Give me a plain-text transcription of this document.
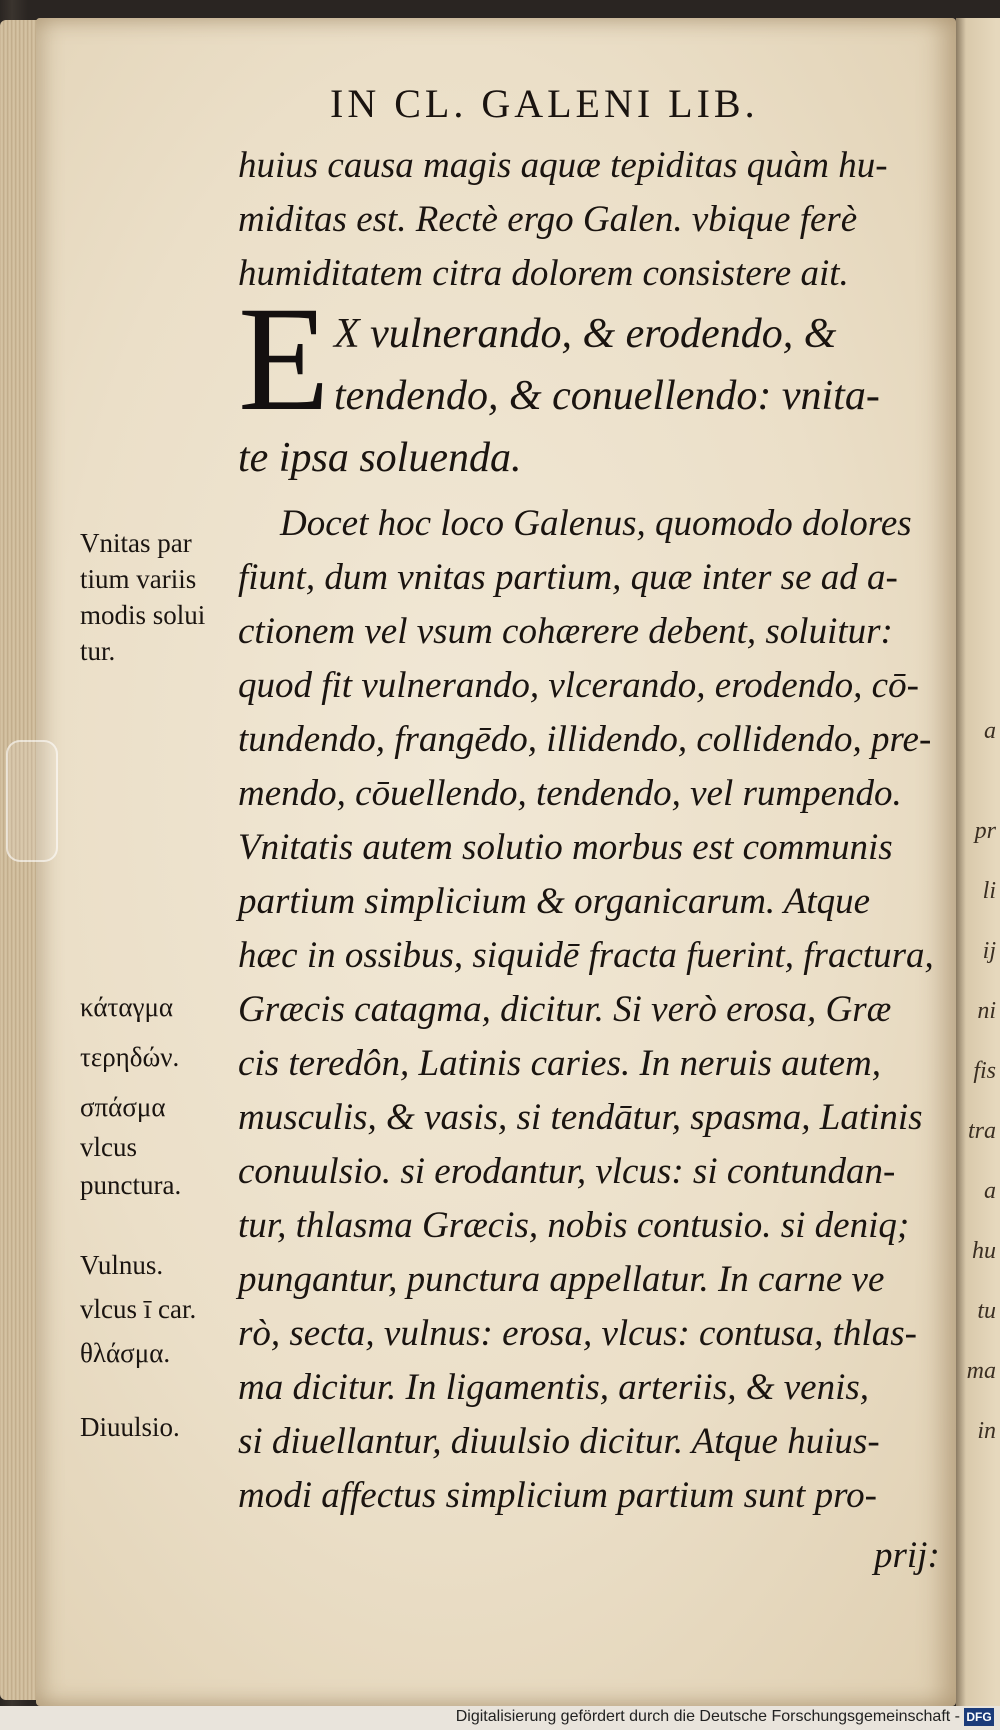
a
pr
li
ij
ni
fis
tra
a
hu
tu
ma
in
IN CL. GALENI LIB.
huius causa magis aquæ tepiditas quàm hu-
miditas est. Rectè ergo Galen. vbique ferè
humiditatem citra dolorem consistere ait.
E X vulnerando, & erodendo, &
tendendo, & conuellendo: vnita-
te ipsa soluenda.
Docet hoc loco Galenus, quomodo dolores
fiunt, dum vnitas partium, quæ inter se ad a-
ctionem vel vsum cohærere debent, soluitur:
quod fit vulnerando, vlcerando, erodendo, cō-
tundendo, frangēdo, illidendo, collidendo, pre-
mendo, cōuellendo, tendendo, vel rumpendo.
Vnitatis autem solutio morbus est communis
partium simplicium & organicarum. Atque
hæc in ossibus, siquidē fracta fuerint, fractura,
Græcis catagma, dicitur. Si verò erosa, Græ
cis teredôn, Latinis caries. In neruis autem,
musculis, & vasis, si tendātur, spasma, Latinis
conuulsio. si erodantur, vlcus: si contundan-
tur, thlasma Græcis, nobis contusio. si deniq;
pungantur, punctura appellatur. In carne ve
rò, secta, vulnus: erosa, vlcus: contusa, thlas-
ma dicitur. In ligamentis, arteriis, & venis,
si diuellantur, diuulsio dicitur. Atque huius-
modi affectus simplicium partium sunt pro-
prij:
Vnitas par
tium variis
modis solui
tur.
κάταγμα
τερηδών.
σπάσμα
vlcus
punctura.
Vulnus.
vlcus ī car.
θλάσμα.
Diuulsio.
Digitalisierung gefördert durch die Deutsche Forschungsgemeinschaft - DFG
